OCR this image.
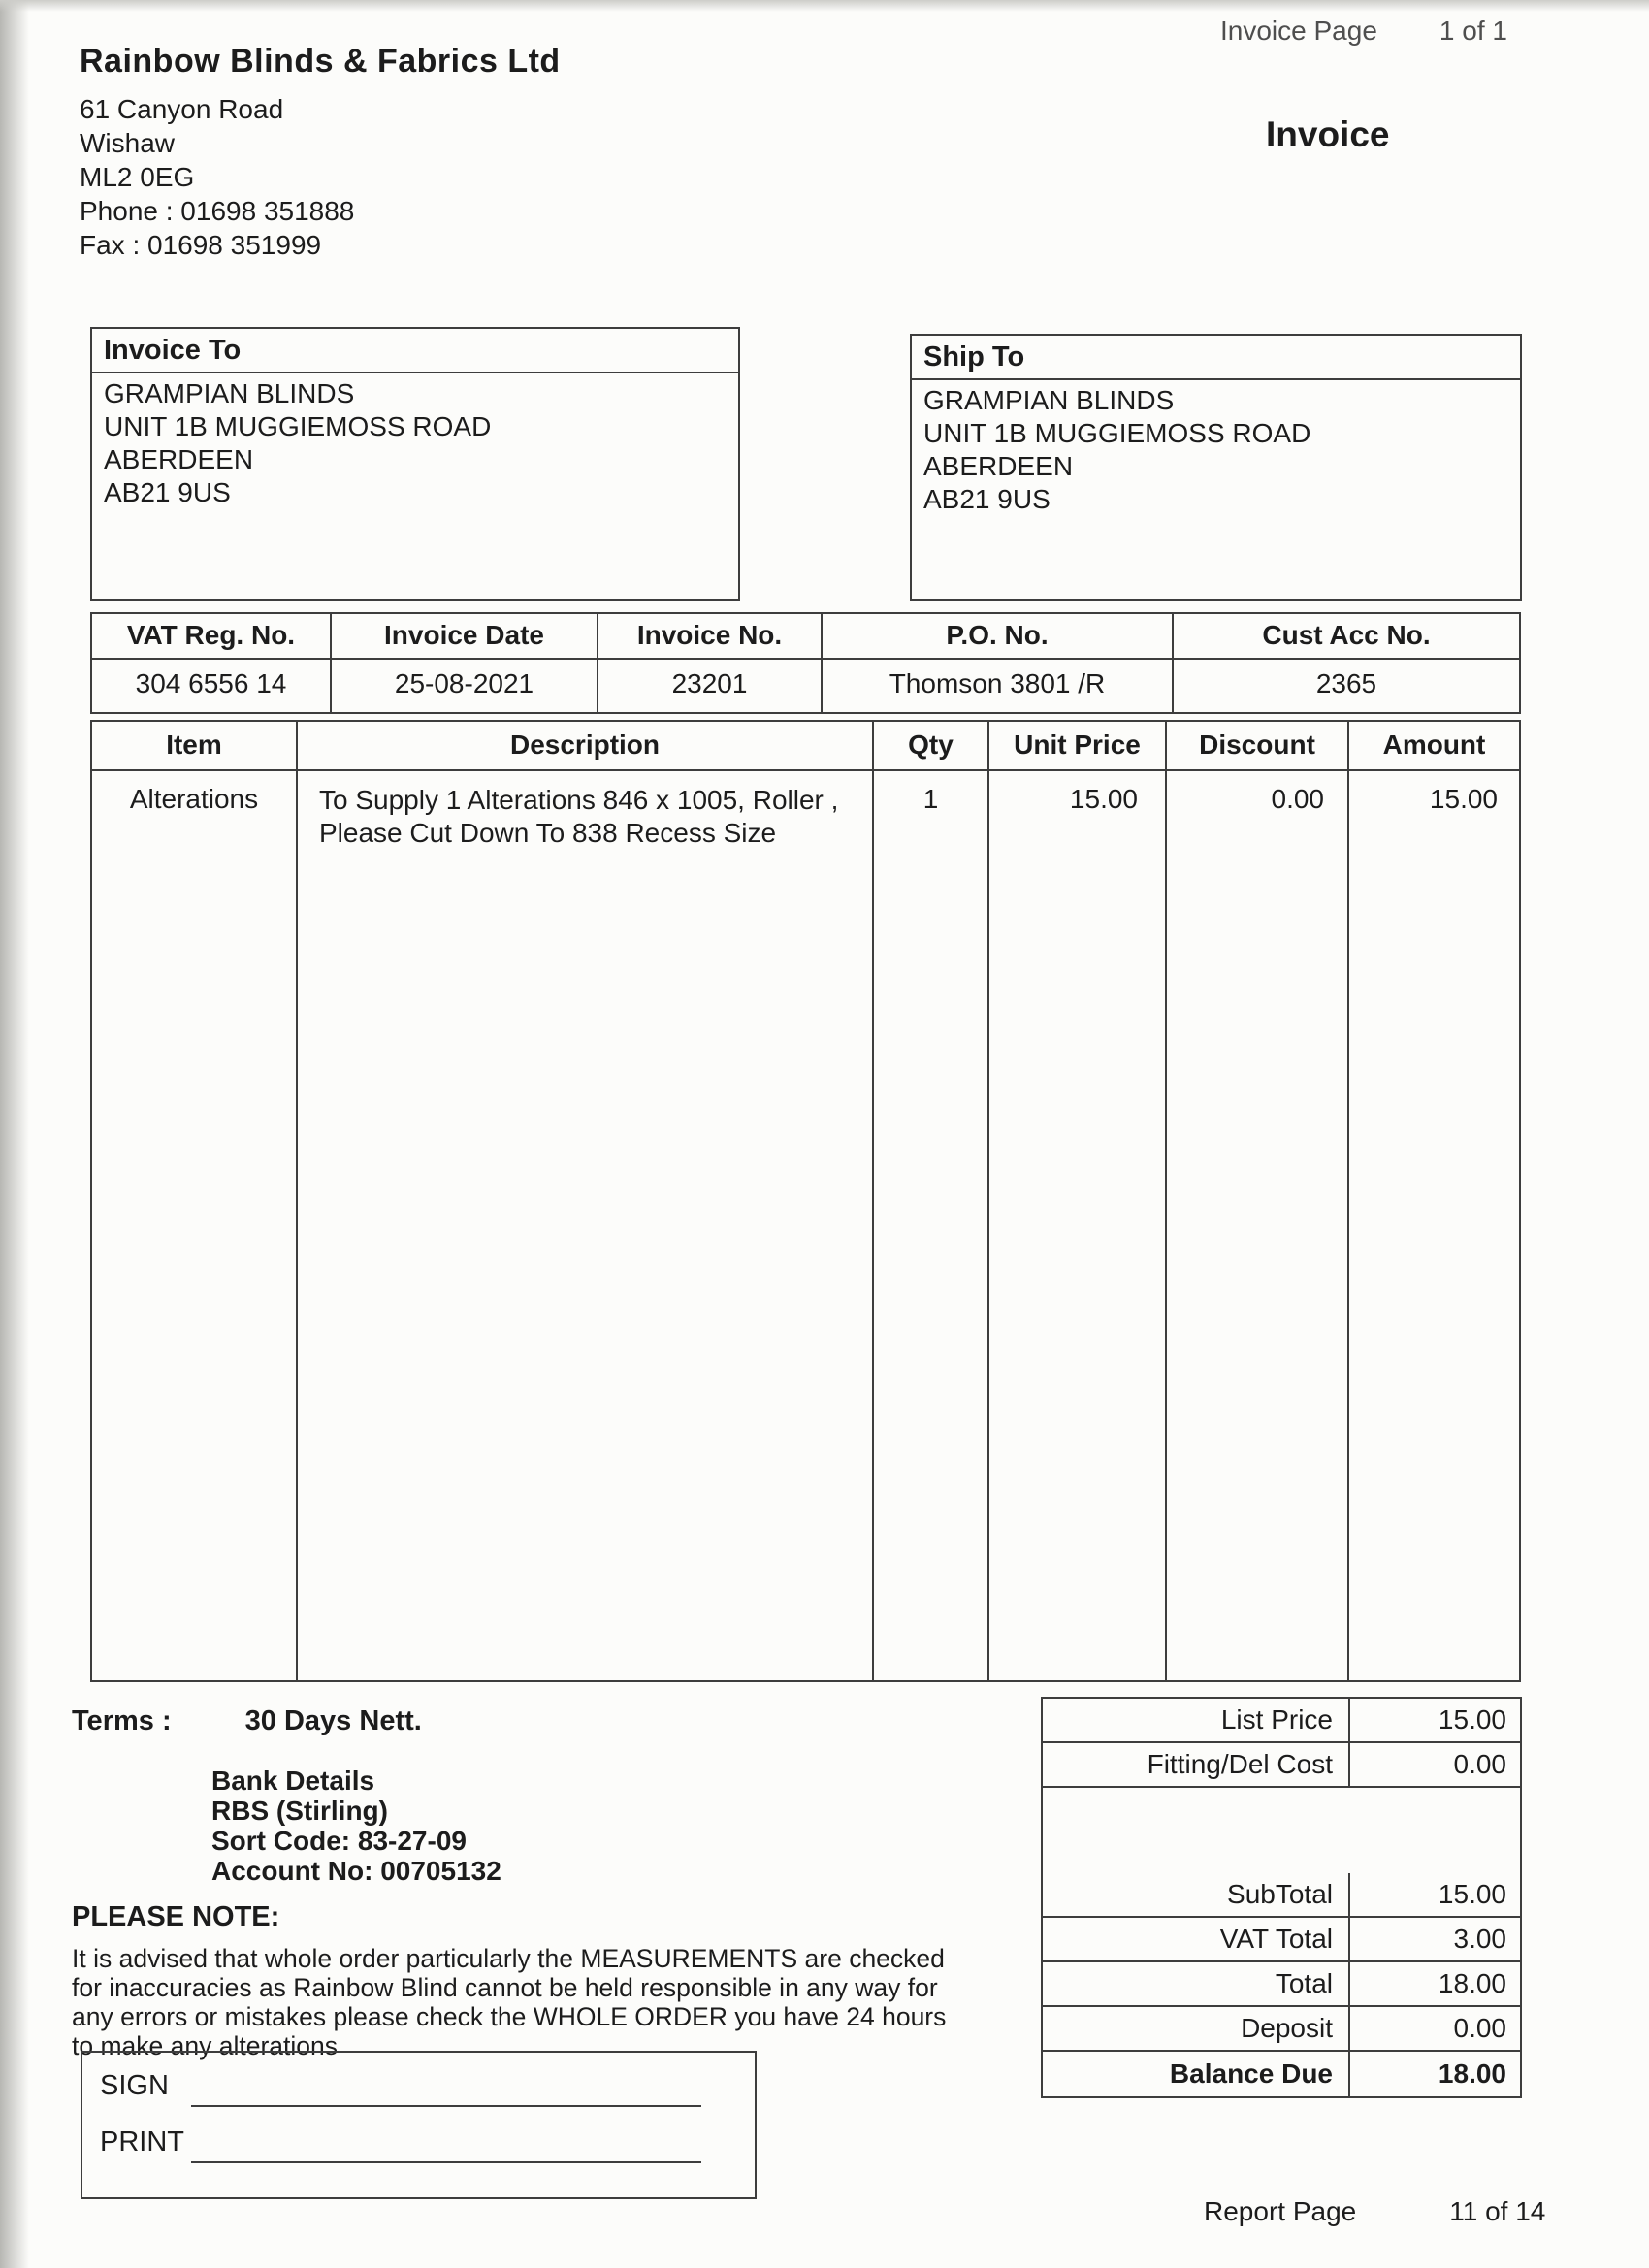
Rainbow Blinds & Fabrics Ltd
61 Canyon Road
Wishaw
ML2 0EG
Phone : 01698 351888
Fax : 01698 351999
Invoice Page 1 of 1
Invoice
Invoice To
GRAMPIAN BLINDS
UNIT 1B MUGGIEMOSS ROAD
ABERDEEN
AB21 9US
Ship To
GRAMPIAN BLINDS
UNIT 1B MUGGIEMOSS ROAD
ABERDEEN
AB21 9US
VAT Reg. No.	Invoice Date	Invoice No.	P.O. No.	Cust Acc No.
304 6556 14	25-08-2021	23201	Thomson 3801 /R	2365
Item	Description	Qty	Unit Price	Discount	Amount
Alterations	To Supply 1 Alterations 846 x 1005, Roller ,
Please Cut Down To 838 Recess Size
1	15.00	0.00	15.00
Terms :	30 Days Nett.
Bank Details
RBS (Stirling)
Sort Code: 83-27-09
Account No: 00705132
PLEASE NOTE:
It is advised that whole order particularly the MEASUREMENTS are checked for inaccuracies as Rainbow Blind cannot be held responsible in any way for any errors or mistakes please check the WHOLE ORDER you have 24 hours to make any alterations
List Price	15.00
Fitting/Del Cost	0.00
SubTotal	15.00
VAT Total	3.00
Total	18.00
Deposit	0.00
Balance Due	18.00
SIGN
PRINT
Report Page	11 of 14
